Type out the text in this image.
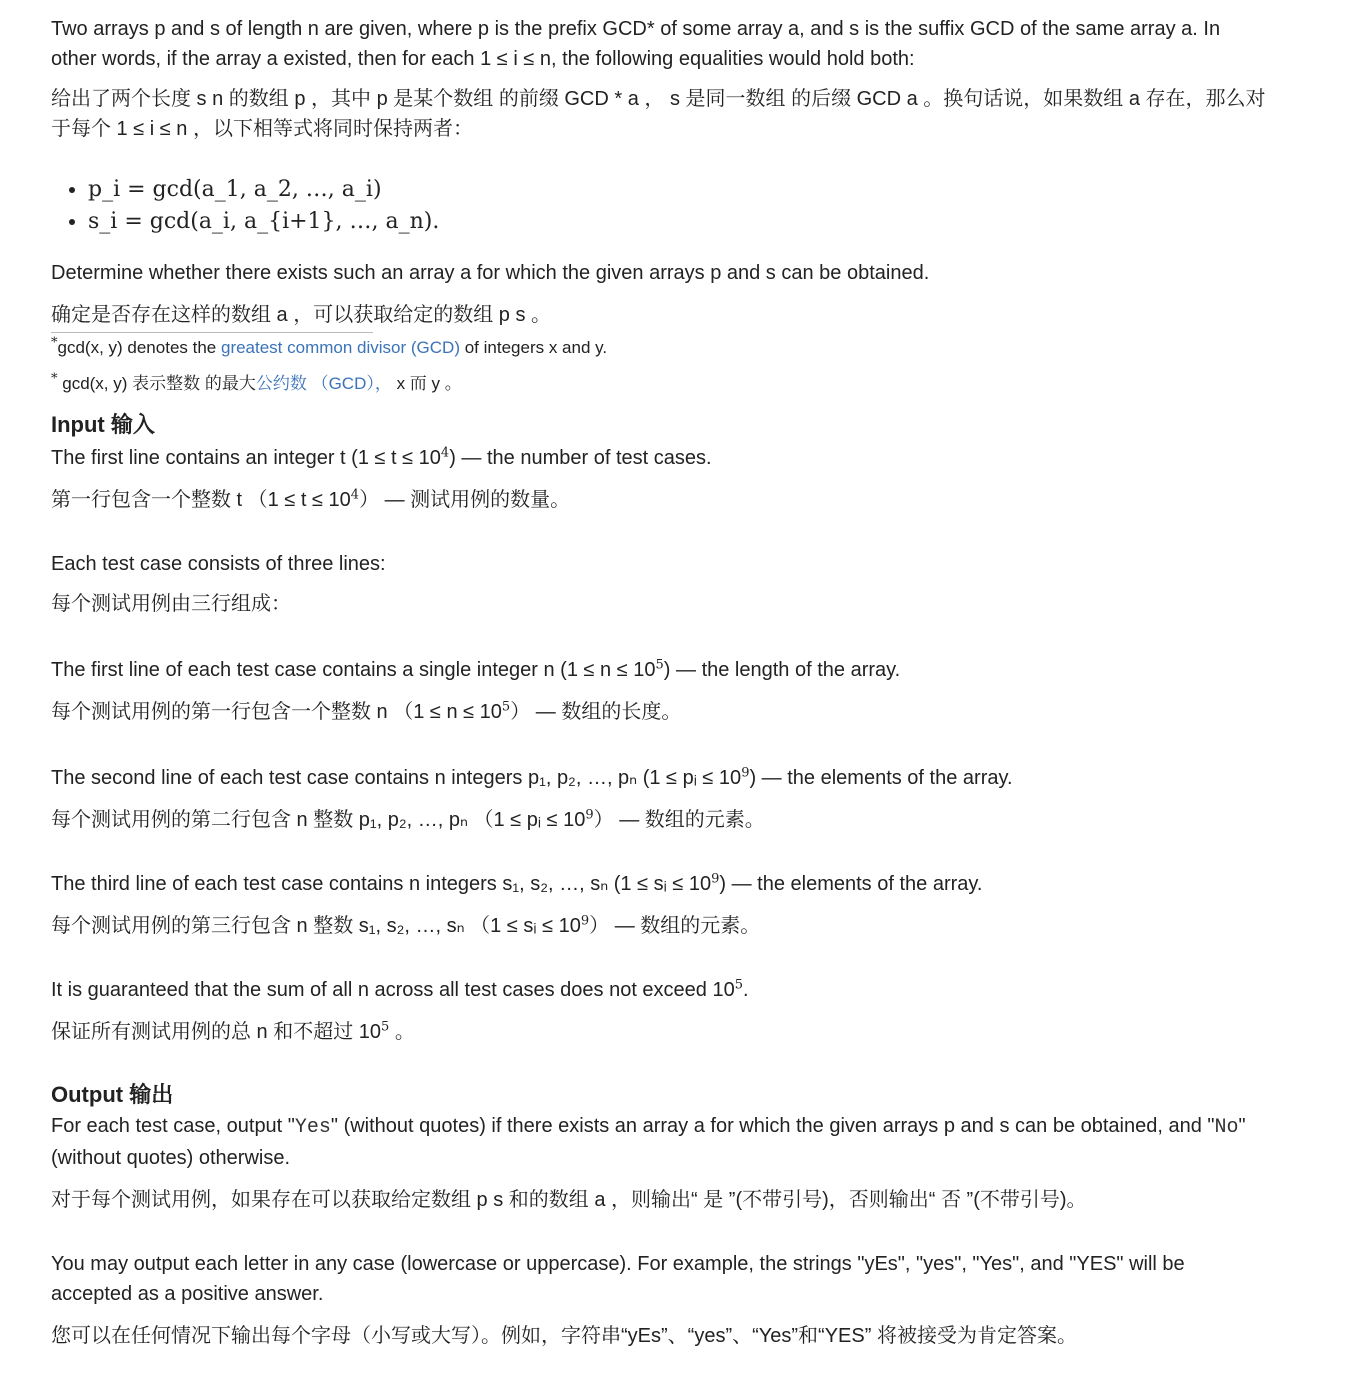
Two arrays p and s of length n are given, where p is the prefix GCD* of some array a, and s is the suffix GCD of the same array a. In

other words, if the array a existed, then for each 1 ≤ i ≤ n, the following equalities would hold both:

给出了两个长度 s n 的数组 p ，其中 p 是某个数组 的前缀 GCD * a ， s 是同一数组 的后缀 GCD a 。换句话说，如果数组 a 存在，那么对

于每个 1 ≤ i ≤ n ，以下相等式将同时保持两者：

• p_i = gcd(a_1, a_2, …, a_i)
• s_i = gcd(a_i, a_{i+1}, …, a_n).

Determine whether there exists such an array a for which the given arrays p and s can be obtained.

确定是否存在这样的数组 a ，可以获取给定的数组 p s 。

*gcd(x, y) denotes the greatest common divisor (GCD) of integers x and y.

* gcd(x, y) 表示整数 的最大公约数 （GCD）， x 而 y 。

Input 输入

The first line contains an integer t $(1 \le t \le 10^4)$ — the number of test cases.

第一行包含一个整数 t $(1 \le t \le 10^4)$ — 测试用例的数量。

Each test case consists of three lines:

每个测试用例由三行组成：

The first line of each test case contains a single integer n $(1 \le n \le 10^5)$ — the length of the array.

每个测试用例的第一行包含一个整数 n $(1 \le n \le 10^5)$ — 数组的长度。

The second line of each test case contains n integers p₁, p₂, …, pₙ (1 ≤ pᵢ ≤ $10^9$) — the elements of the array.

每个测试用例的第二行包含 n 整数 p₁, p₂, …, pₙ （1 ≤ pᵢ ≤ $10^9$） — 数组的元素。

The third line of each test case contains n integers s₁, s₂, …, sₙ (1 ≤ sᵢ ≤ $10^9$) — the elements of the array.

每个测试用例的第三行包含 n 整数 s₁, s₂, …, sₙ （1 ≤ sᵢ ≤ $10^9$） — 数组的元素。

It is guaranteed that the sum of all n across all test cases does not exceed $10^5$.

保证所有测试用例的总 n 和不超过 $10^5$ 。

Output 输出

For each test case, output "Yes" (without quotes) if there exists an array a for which the given arrays p and s can be obtained, and "No"

(without quotes) otherwise.

对于每个测试用例，如果存在可以获取给定数组 p s 和的数组 a ，则输出“ 是 ”(不带引号)，否则输出“ 否 ”(不带引号)。

You may output each letter in any case (lowercase or uppercase). For example, the strings "yEs", "yes", "Yes", and "YES" will be

accepted as a positive answer.

您可以在任何情况下输出每个字母（小写或大写）。例如，字符串“yEs”、“yes”、“Yes”和“YES” 将被接受为肯定答案。
